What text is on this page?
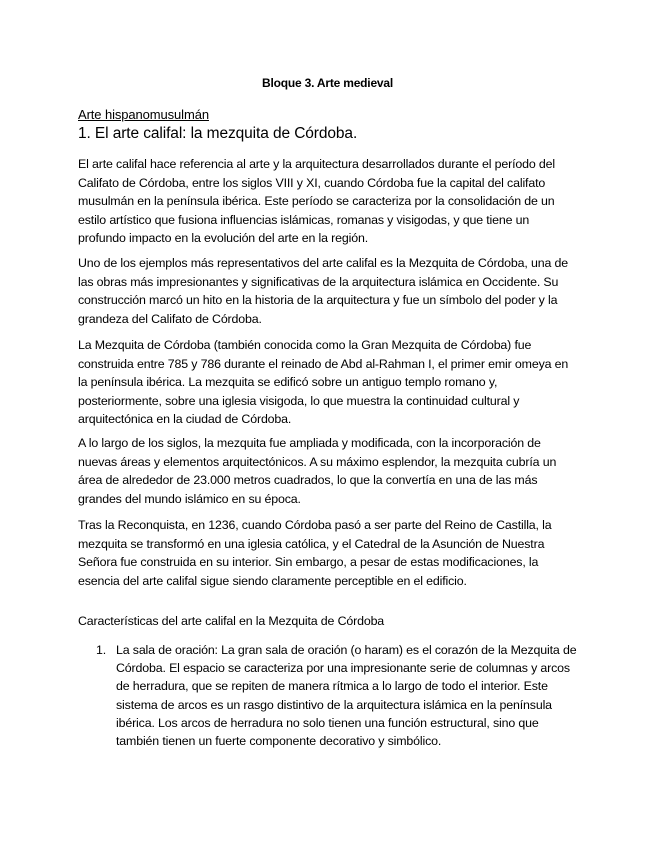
Bloque 3. Arte medieval
Arte hispanomusulmán
1. El arte califal: la mezquita de Córdoba.

El arte califal hace referencia al arte y la arquitectura desarrollados durante el período del Califato de Córdoba, entre los siglos VIII y XI, cuando Córdoba fue la capital del califato musulmán en la península ibérica. Este período se caracteriza por la consolidación de un estilo artístico que fusiona influencias islámicas, romanas y visigodas, y que tiene un profundo impacto en la evolución del arte en la región.

Uno de los ejemplos más representativos del arte califal es la Mezquita de Córdoba, una de las obras más impresionantes y significativas de la arquitectura islámica en Occidente. Su construcción marcó un hito en la historia de la arquitectura y fue un símbolo del poder y la grandeza del Califato de Córdoba.

La Mezquita de Córdoba (también conocida como la Gran Mezquita de Córdoba) fue construida entre 785 y 786 durante el reinado de Abd al-Rahman I, el primer emir omeya en la península ibérica. La mezquita se edificó sobre un antiguo templo romano y, posteriormente, sobre una iglesia visigoda, lo que muestra la continuidad cultural y arquitectónica en la ciudad de Córdoba.

A lo largo de los siglos, la mezquita fue ampliada y modificada, con la incorporación de nuevas áreas y elementos arquitectónicos. A su máximo esplendor, la mezquita cubría un área de alrededor de 23.000 metros cuadrados, lo que la convertía en una de las más grandes del mundo islámico en su época.

Tras la Reconquista, en 1236, cuando Córdoba pasó a ser parte del Reino de Castilla, la mezquita se transformó en una iglesia católica, y el Catedral de la Asunción de Nuestra Señora fue construida en su interior. Sin embargo, a pesar de estas modificaciones, la esencia del arte califal sigue siendo claramente perceptible en el edificio.

Características del arte califal en la Mezquita de Córdoba
1. La sala de oración: La gran sala de oración (o haram) es el corazón de la Mezquita de Córdoba. El espacio se caracteriza por una impresionante serie de columnas y arcos de herradura, que se repiten de manera rítmica a lo largo de todo el interior. Este sistema de arcos es un rasgo distintivo de la arquitectura islámica en la península ibérica. Los arcos de herradura no solo tienen una función estructural, sino que también tienen un fuerte componente decorativo y simbólico.
